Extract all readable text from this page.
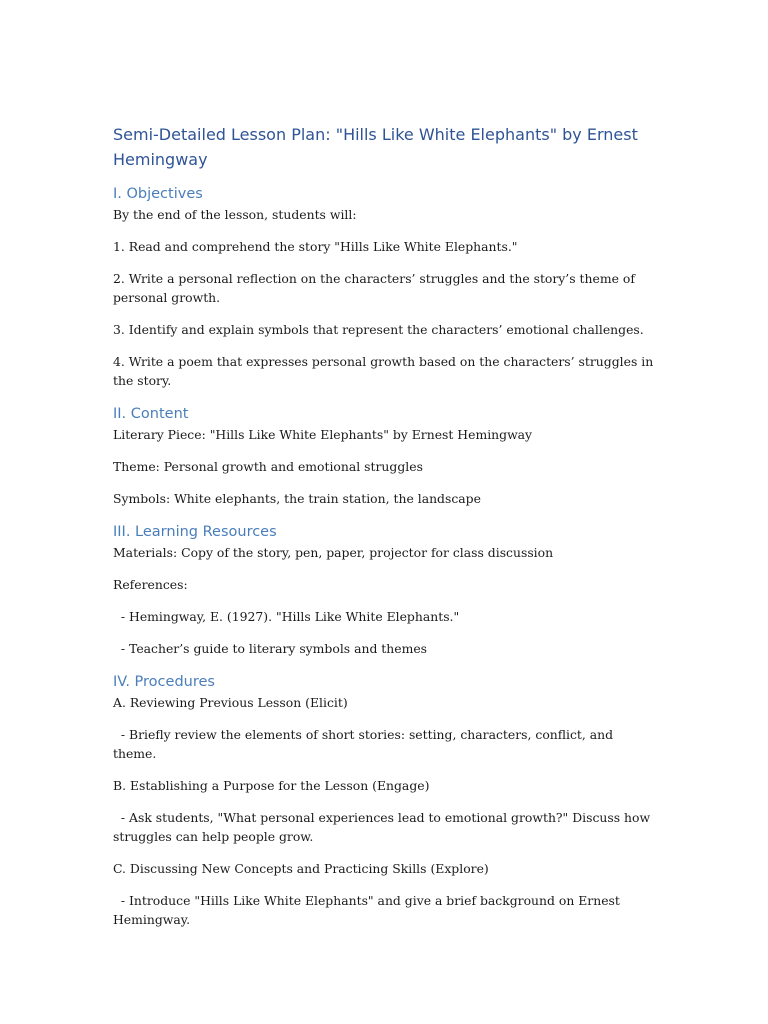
Semi-Detailed Lesson Plan: "Hills Like White Elephants" by Ernest Hemingway
I. Objectives

By the end of the lesson, students will:

1. Read and comprehend the story "Hills Like White Elephants."

2. Write a personal reflection on the characters’ struggles and the story’s theme of personal growth.

3. Identify and explain symbols that represent the characters’ emotional challenges.

4. Write a poem that expresses personal growth based on the characters’ struggles in the story.

II. Content

Literary Piece: "Hills Like White Elephants" by Ernest Hemingway

Theme: Personal growth and emotional struggles

Symbols: White elephants, the train station, the landscape

III. Learning Resources

Materials: Copy of the story, pen, paper, projector for class discussion

References:

- Hemingway, E. (1927). "Hills Like White Elephants."

- Teacher’s guide to literary symbols and themes

IV. Procedures

A. Reviewing Previous Lesson (Elicit)

- Briefly review the elements of short stories: setting, characters, conflict, and theme.

B. Establishing a Purpose for the Lesson (Engage)

- Ask students, "What personal experiences lead to emotional growth?" Discuss how struggles can help people grow.

C. Discussing New Concepts and Practicing Skills (Explore)

- Introduce "Hills Like White Elephants" and give a brief background on Ernest Hemingway.
